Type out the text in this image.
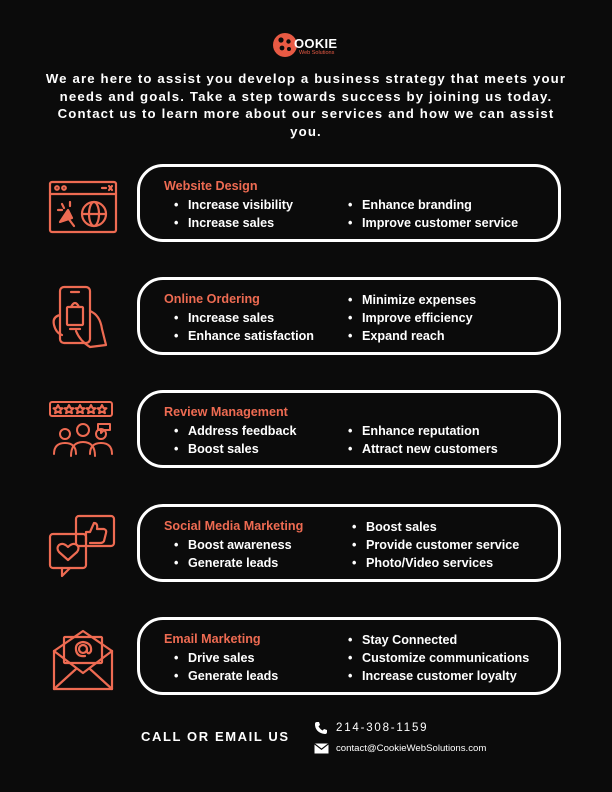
OOKIE
Web Solutions

We are here to assist you develop a business strategy that meets your needs and goals. Take a step towards success by joining us today. Contact us to learn more about our services and how we can assist you.

Website Design
• Increase visibility
• Increase sales
• Enhance branding
• Improve customer service
Online Ordering
• Increase sales
• Enhance satisfaction
• Minimize expenses
• Improve efficiency
• Expand reach
Review Management
• Address feedback
• Boost sales
• Enhance reputation
• Attract new customers
Social Media Marketing
• Boost awareness
• Generate leads
• Boost sales
• Provide customer service
• Photo/Video services
Email Marketing
• Drive sales
• Generate leads
• Stay Connected
• Customize communications
• Increase customer loyalty
CALL OR EMAIL US
214-308-1159
contact@CookieWebSolutions.com
